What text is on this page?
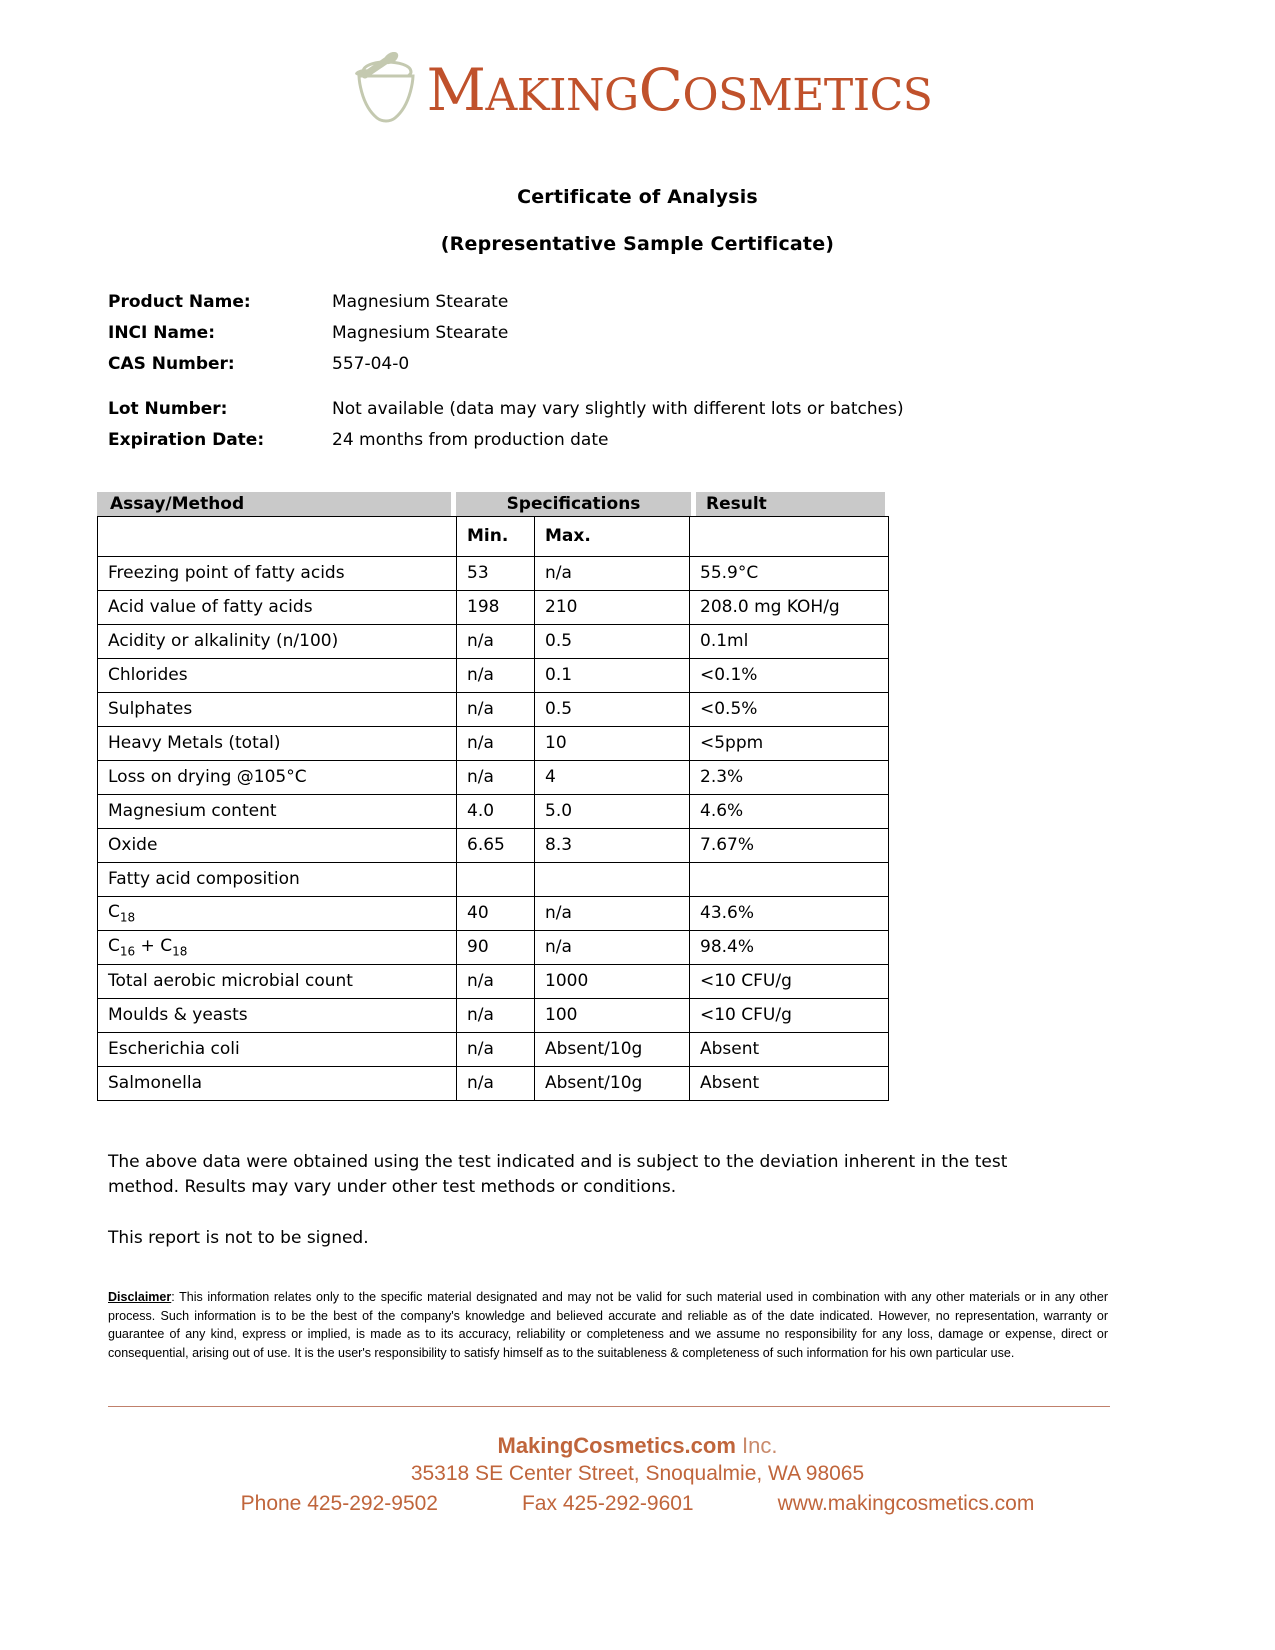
MAKINGCOSMETICS
Certificate of Analysis
(Representative Sample Certificate)
Product Name:	Magnesium Stearate
INCI Name:	Magnesium Stearate
CAS Number:	557-04-0
Lot Number:	Not available (data may vary slightly with different lots or batches)
Expiration Date:	24 months from production date
Assay/Method	Specifications	Result
	Min.	Max.	
Freezing point of fatty acids	53	n/a	55.9°C
Acid value of fatty acids	198	210	208.0 mg KOH/g
Acidity or alkalinity (n/100)	n/a	0.5	0.1ml
Chlorides	n/a	0.1	<0.1%
Sulphates	n/a	0.5	<0.5%
Heavy Metals (total)	n/a	10	<5ppm
Loss on drying @105°C	n/a	4	2.3%
Magnesium content	4.0	5.0	4.6%
Oxide	6.65	8.3	7.67%
Fatty acid composition			
$C_{18}$	40	n/a	43.6%
$C_{16} + C_{18}$	90	n/a	98.4%
Total aerobic microbial count	n/a	1000	<10 CFU/g
Moulds & yeasts	n/a	100	<10 CFU/g
Escherichia coli	n/a	Absent/10g	Absent
Salmonella	n/a	Absent/10g	Absent

The above data were obtained using the test indicated and is subject to the deviation inherent in the test method. Results may vary under other test methods or conditions.

This report is not to be signed.

Disclaimer: This information relates only to the specific material designated and may not be valid for such material used in combination with any other materials or in any other process. Such information is to be the best of the company's knowledge and believed accurate and reliable as of the date indicated. However, no representation, warranty or guarantee of any kind, express or implied, is made as to its accuracy, reliability or completeness and we assume no responsibility for any loss, damage or expense, direct or consequential, arising out of use. It is the user's responsibility to satisfy himself as to the suitableness & completeness of such information for his own particular use.
MakingCosmetics.com Inc.
35318 SE Center Street, Snoqualmie, WA 98065
Phone 425-292-9502	Fax 425-292-9601	www.makingcosmetics.com
